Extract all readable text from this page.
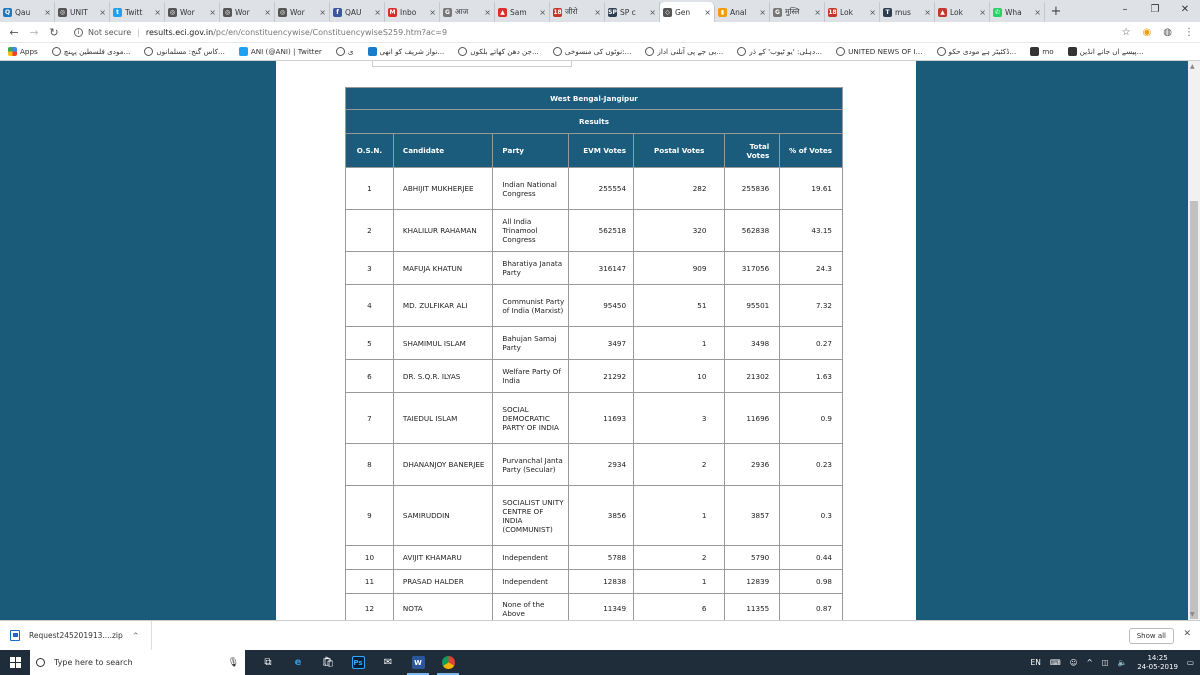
Q Qau	×	◎ UNIT	×	t Twitt	×	◎ Wor	×	◎ Wor	×	◎ Wor	×	f QAU	× M Inbo	×	G आज	×	▲ Sam	× 18 जीरो	× SP SP c	×	◇ Gen	×	▮ Anal	×	G मुस्लि	× 18 Lok	×	T mus	×	▲ Lok	×	✆ Wha	× +	–	❐	✕
← → ↻	i	Not secure | results.eci.gov.in /pc/en/constituencywise/ConstituencywiseS259.htm?ac=9	☆ ◉ ◍ ⋮
Apps	مودی فلسطین پہنچ...	کاس گنج: مسلمانوں...	ANI (@ANI) | Twitter	ی	نواز شریف کو انھی...	جن دھن کھاتے بلکوں...	نوٹوں کی منسوخی:...	بی جے پی آنلنی اداز...	دہلی: 'یو ٹیوب' کے ذر...	UNITED NEWS OF I...	ڈکٹیٹر ہے مودی حکو...	mo	پیسے اں جانے انڈین...
West Bengal-Jangipur						
Results						
O.S.N.	Candidate	Party	EVM Votes	Postal Votes	Total Votes	% of Votes
1	ABHIJIT MUKHERJEE	Indian National Congress	255554	282	255836	19.61
2	KHALILUR RAHAMAN	All India Trinamool Congress	562518	320	562838	43.15
3	MAFUJA KHATUN	Bharatiya Janata Party	316147	909	317056	24.3
4	MD. ZULFIKAR ALI	Communist Party of India (Marxist)	95450	51	95501	7.32
5	SHAMIMUL ISLAM	Bahujan Samaj Party	3497	1	3498	0.27
6	DR. S.Q.R. ILYAS	Welfare Party Of India	21292	10	21302	1.63
7	TAIEDUL ISLAM	SOCIAL DEMOCRATIC PARTY OF INDIA	11693	3	11696	0.9
8	DHANANJOY BANERJEE	Purvanchal Janta Party (Secular)	2934	2	2936	0.23
9	SAMIRUDDIN	SOCIALIST UNITY CENTRE OF INDIA (COMMUNIST)	3856	1	3857	0.3
10	AVIJIT KHAMARU	Independent	5788	2	5790	0.44
11	PRASAD HALDER	Independent	12838	1	12839	0.98
12	NOTA	None of the Above	11349	6	11355	0.87
▲
▼
Request245201913....zip ^	Show all	✕
Type here to search	🎙	⧉	e	🛍	Ps	✉	W	EN ⌨ ☺ ^ ◫ 🔈	14:25
24-05-2019 ▭
